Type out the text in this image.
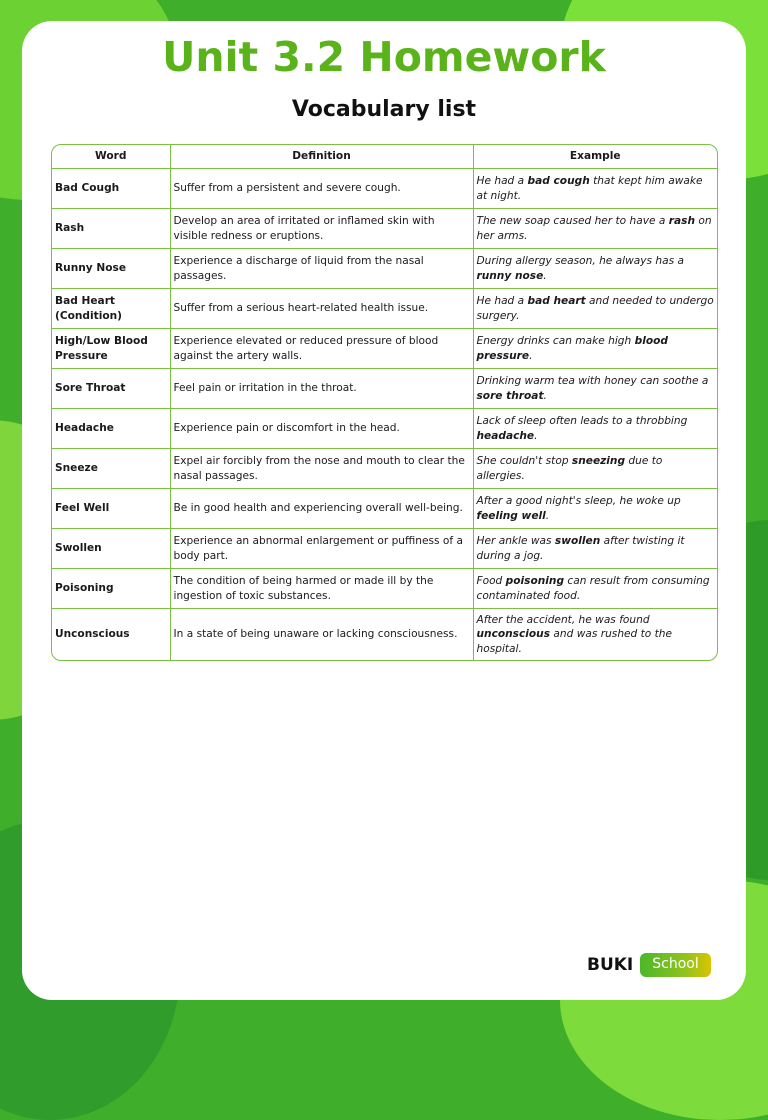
Unit 3.2 Homework
Vocabulary list
Word	Definition	Example
Bad Cough	Suffer from a persistent and severe cough.	He had a bad cough that kept him awake at night.
Rash	Develop an area of irritated or inflamed skin with visible redness or eruptions.	The new soap caused her to have a rash on her arms.
Runny Nose	Experience a discharge of liquid from the nasal passages.	During allergy season, he always has a runny nose.
Bad Heart (Condition)	Suffer from a serious heart-related health issue.	He had a bad heart and needed to undergo surgery.
High/Low Blood Pressure	Experience elevated or reduced pressure of blood against the artery walls.	Energy drinks can make high blood pressure.
Sore Throat	Feel pain or irritation in the throat.	Drinking warm tea with honey can soothe a sore throat.
Headache	Experience pain or discomfort in the head.	Lack of sleep often leads to a throbbing headache.
Sneeze	Expel air forcibly from the nose and mouth to clear the nasal passages.	She couldn't stop sneezing due to allergies.
Feel Well	Be in good health and experiencing overall well-being.	After a good night's sleep, he woke up feeling well.
Swollen	Experience an abnormal enlargement or puffiness of a body part.	Her ankle was swollen after twisting it during a jog.
Poisoning	The condition of being harmed or made ill by the ingestion of toxic substances.	Food poisoning can result from consuming contaminated food.
Unconscious	In a state of being unaware or lacking consciousness.	After the accident, he was found unconscious and was rushed to the hospital.
BUKI	School
